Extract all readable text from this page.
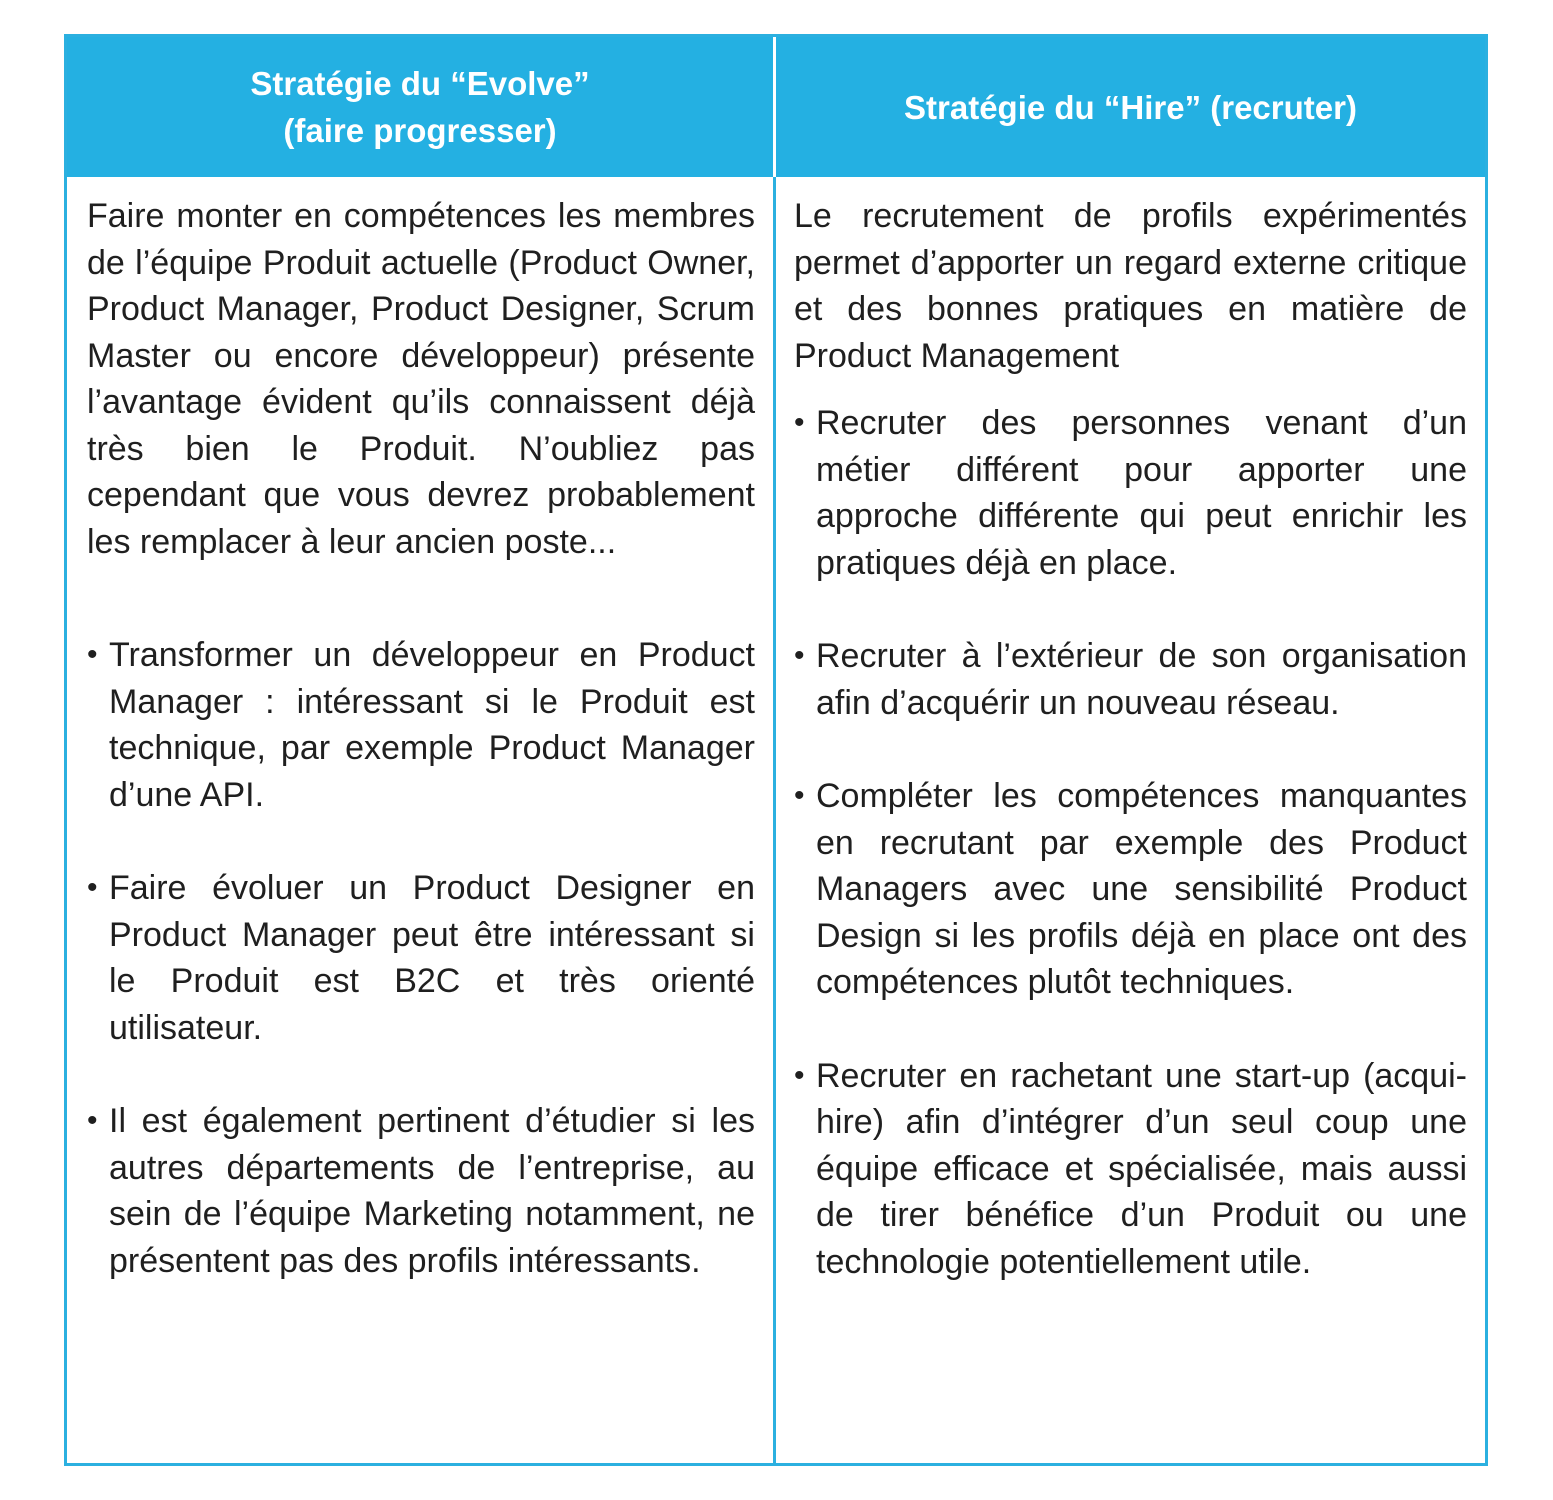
Stratégie du “Evolve”
(faire progresser)
Stratégie du “Hire” (recruter)

Faire monter en compétences les membres de l’équipe Produit actuelle (Product Owner, Product Manager, Product Designer, Scrum Master ou encore développeur) présente l’avantage évident qu’ils connaissent déjà très bien le Produit. N’oubliez pas cependant que vous devrez probablement les remplacer à leur ancien poste...

• Transformer un développeur en Product Manager : intéressant si le Produit est technique, par exemple Product Manager d’une API.
• Faire évoluer un Product Designer en Product Manager peut être intéressant si le Produit est B2C et très orienté utilisateur.
• Il est également pertinent d’étudier si les autres départements de l’entreprise, au sein de l’équipe Marketing notamment, ne présentent pas des profils intéressants.

Le recrutement de profils expérimentés permet d’apporter un regard externe critique et des bonnes pratiques en matière de Product Management

• Recruter des personnes venant d’un métier différent pour apporter une approche différente qui peut enrichir les pratiques déjà en place.
• Recruter à l’extérieur de son organisation afin d’acquérir un nouveau réseau.
• Compléter les compétences manquantes en recrutant par exemple des Product Managers avec une sensibilité Product Design si les profils déjà en place ont des compétences plutôt techniques.
• Recruter en rachetant une start-up (acqui-hire) afin d’intégrer d’un seul coup une équipe efficace et spécialisée, mais aussi de tirer bénéfice d’un Produit ou une technologie potentiellement utile.
